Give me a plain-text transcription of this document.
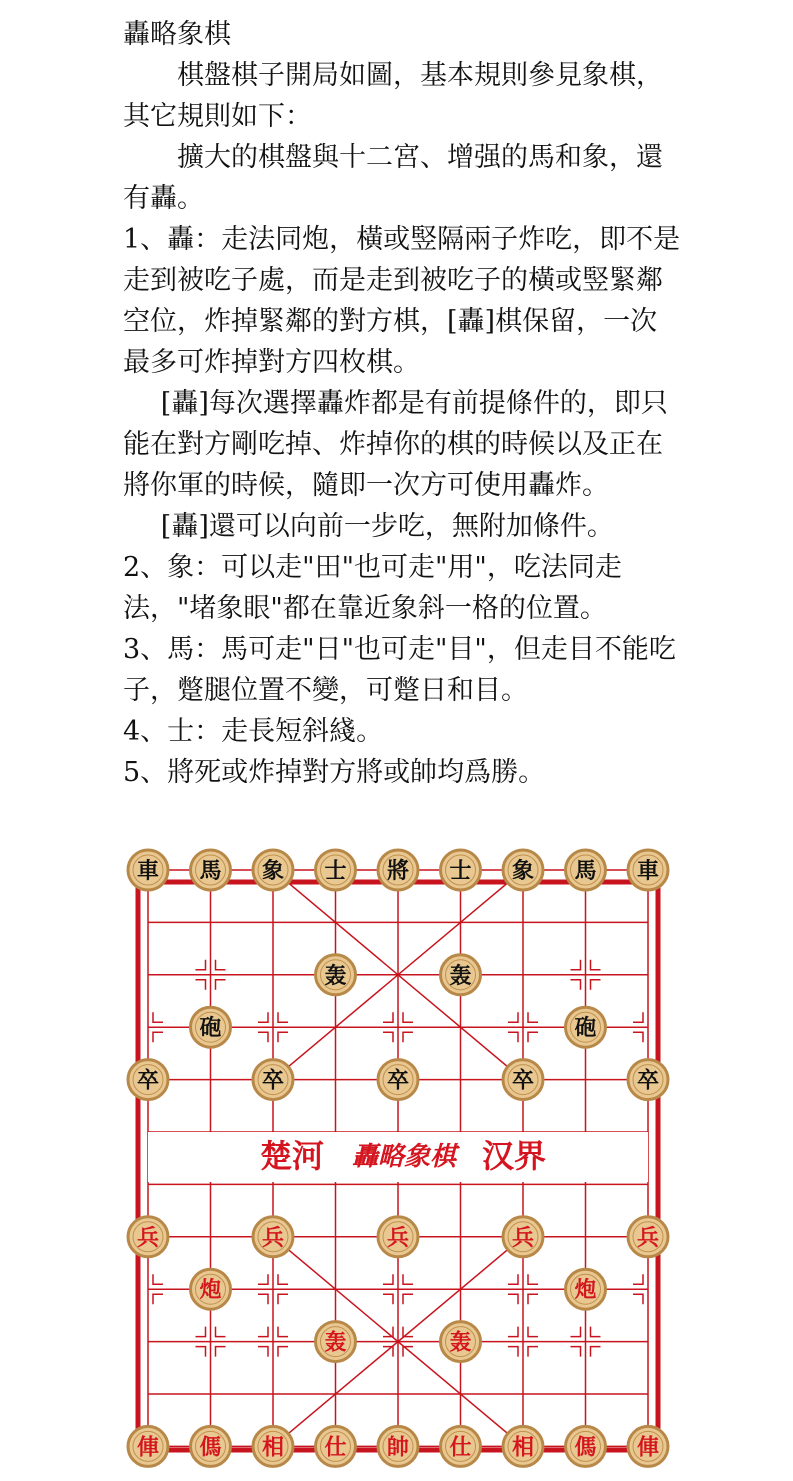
轟略象棋
棋盤棋子開局如圖，基本規則參見象棋，其它規則如下：
擴大的棋盤與十二宮、增强的馬和象，還有轟。
1、轟：走法同炮，橫或竪隔兩子炸吃，即不是走到被吃子處，而是走到被吃子的橫或竪緊鄰空位，炸掉緊鄰的對方棋，[轟]棋保留，一次最多可炸掉對方四枚棋。
[轟]每次選擇轟炸都是有前提條件的，即只能在對方剛吃掉、炸掉你的棋的時候以及正在將你軍的時候，隨即一次方可使用轟炸。
[轟]還可以向前一步吃，無附加條件。
2、象：可以走"田"也可走"用"，吃法同走法，"堵象眼"都在靠近象斜一格的位置。
3、馬：馬可走"日"也可走"目"，但走目不能吃子，蹩腿位置不變，可蹩日和目。
4、士：走長短斜綫。
5、將死或炸掉對方將或帥均爲勝。
楚河 轟略象棋 汉界
車 馬 象 士 將 士 象 馬 車
轰	轰
砲	砲
卒	卒	卒	卒	卒
兵	兵	兵	兵	兵
炮	炮
轰	轰
俥 傌 相 仕 帥 仕 相 傌 俥
